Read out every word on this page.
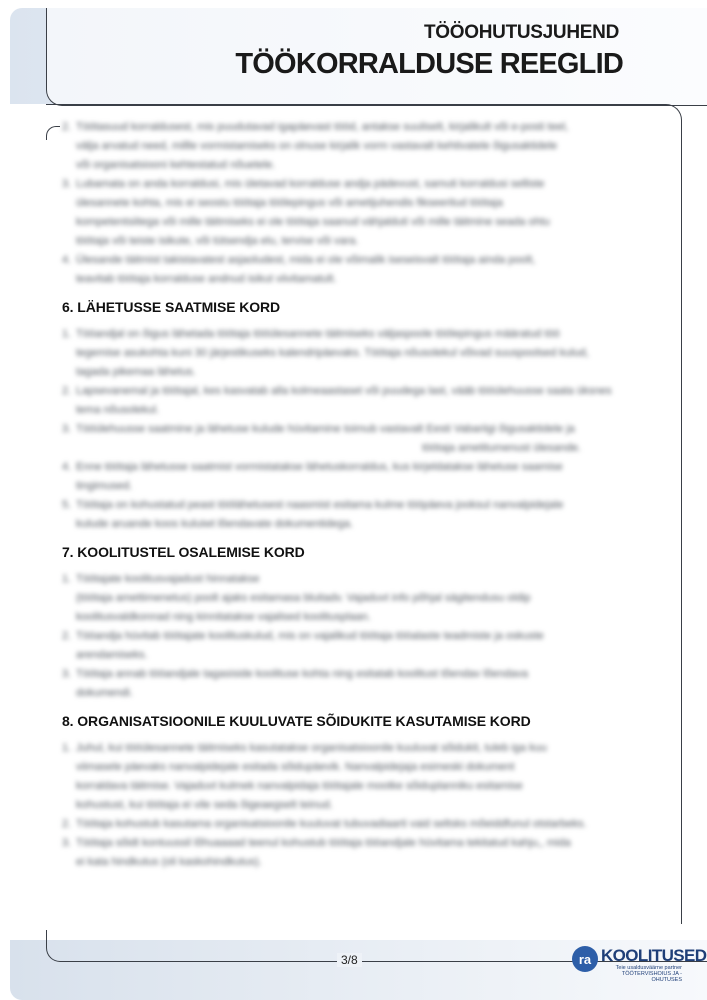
TÖÖOHUTUSJUHEND
TÖÖKORRALDUSE REEGLID
2. Töötasuud korraldusest, mis puudutavad igapäevast tööd, antakse suuliselt, kirjalikult või e-posti teel,
välja arvatud need, millle vormistamiseks on olnuse kirjalik vorm vastavalt kehtivatele õigusaktidele
või organisatsiooni kehtestatud nõuetele.
3. Lubamata on anda korraldusi, mis ületavad korralduse andja pädevust, samuti korraldusi selliste
ülesannete kohta, mis ei seostu töötaja töölepingus või ametijuhendis fikseeritud töötaja
kompetentsiitega või mille täitmiseks ei ole töötaja saanud vähjalduti või mille täitmine seada ohtu
töötaja või teiste isikute, või tütsendja elu, tervise või vara.
4. Ülesande täitmist takistavatest asjaoludest, mida ei ole võimalik iseseisvalt töötaja ainda poolt,
teavitab töötaja korralduse andnud isikut viivitamatult.
6. LÄHETUSSE SAATMISE KORD
1. Tööandjal on õigus lähetada töötaja tööülesannete täitmiseks väljaspoole töölepingus määratud töö
tegemise asukohta kuni 30 järjestikuseks kalendripäevaks. Töötaja nõusolekul võivad suuspoolsed kulud,
tagada pikemaa lähetus.
2. Lapsevanemal ja töötajal, kes kasvatab alla kolmeaastaset või puudega last, vääb tööülehuusse saata üksnes
tema nõusolekul.
3. Tööülehuusse saatmine ja lähetuse kulude hüvitamine toimub vastavalt Eesti Vabariigi õigusaktidele ja
töötaja ametitumenust ülesande.
4. Enne töötaja lähetusse saatmist vormistatakse lähetuskorraldus, kus kirjeldatakse lähetuse saamise
tingimused.
5. Töötaja on kohustatud peast töölähetusest naasmist esitama kulme tööpäeva jooksul nanvalpidejale
kulude aruande koos kuluiwt lõendavate dokumentidega.
7. KOOLITUSTEL OSALEMISE KORD
1. Töötajate koolitusvajadust hinnatakse
(töötaja amettimenetus) poolt ajaks esitamasa bluitadv. Vajaduvt info põhjal sägitendusu oldip
koolitusvaldkonnad ning kinnitatakse vajalised koolitusplaan.
2. Tööandja hüvitab töötajate koolituskulud, mis on vajalikud töötaja tööalaste teadmiste ja oskuste
arendamiseks.
3. Töötaja annab tööandjale tagasiside koolituse kohta ning esitatab koolitust tõendav lõendava
dokumendi.
8. ORGANISATSIOONILE KUULUVATE SÕIDUKITE KASUTAMISE KORD
1. Juhul, kui tööülesannete täitmiseks kasutatakse organisatsioonile kuuluvat sõidukit, tuleb iga kuu
viimasele päevaks nanvalpidejale esitada sõidupäevik. Nanvalpidejaja esimeski dokument
korraldava täitmise. Vajaduvt kulmek nanvalpidaja töötajale mootke sõiduplanniku esitamise
kohustust, kui töötaja ei vile seda õigeaegselt teinud.
2. Töötaja kohustub kasutama organisatsioonile kuuluvat tubuvadiaarti vaid seltsks mõeiddfunul otstarbeks.
3. Töötaja sõidt kontuussil lõhuaaaad teenul kohustub töötaja tööandjale hüvitama tekitatud kahju,, mida
ei kata hindkutus (oli kaskohindkutus).
3/8	ra KOOLITUSED
Teie usaldusväärne partner
TÖÖTERVISHOIUS JA -OHUTUSES
